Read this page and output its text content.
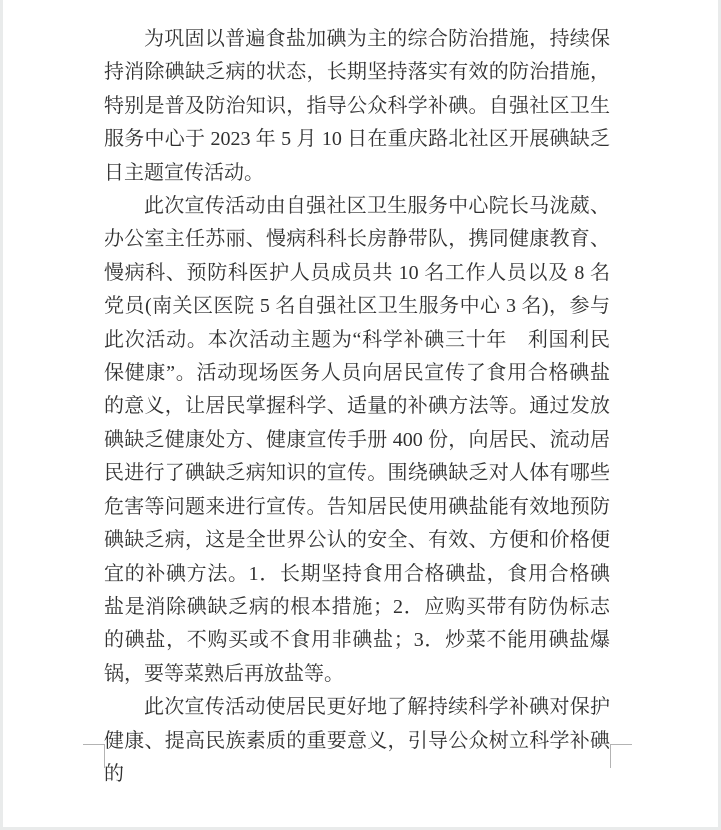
为巩固以普遍食盐加碘为主的综合防治措施，持续保持消除碘缺乏病的状态，长期坚持落实有效的防治措施，特别是普及防治知识，指导公众科学补碘。自强社区卫生服务中心于 2023 年 5 月 10 日在重庆路北社区开展碘缺乏日主题宣传活动。

此次宣传活动由自强社区卫生服务中心院长马泷葳、办公室主任苏丽、慢病科科长房静带队，携同健康教育、慢病科、预防科医护人员成员共 10 名工作人员以及 8 名党员(南关区医院 5 名自强社区卫生服务中心 3 名)，参与此次活动。本次活动主题为“科学补碘三十年　利国利民保健康”。活动现场医务人员向居民宣传了食用合格碘盐的意义，让居民掌握科学、适量的补碘方法等。通过发放碘缺乏健康处方、健康宣传手册 400 份，向居民、流动居民进行了碘缺乏病知识的宣传。围绕碘缺乏对人体有哪些危害等问题来进行宣传。告知居民使用碘盐能有效地预防碘缺乏病，这是全世界公认的安全、有效、方便和价格便宜的补碘方法。1．长期坚持食用合格碘盐，食用合格碘盐是消除碘缺乏病的根本措施；2．应购买带有防伪标志的碘盐，不购买或不食用非碘盐；3．炒菜不能用碘盐爆锅，要等菜熟后再放盐等。

此次宣传活动使居民更好地了解持续科学补碘对保护健康、提高民族素质的重要意义，引导公众树立科学补碘的
